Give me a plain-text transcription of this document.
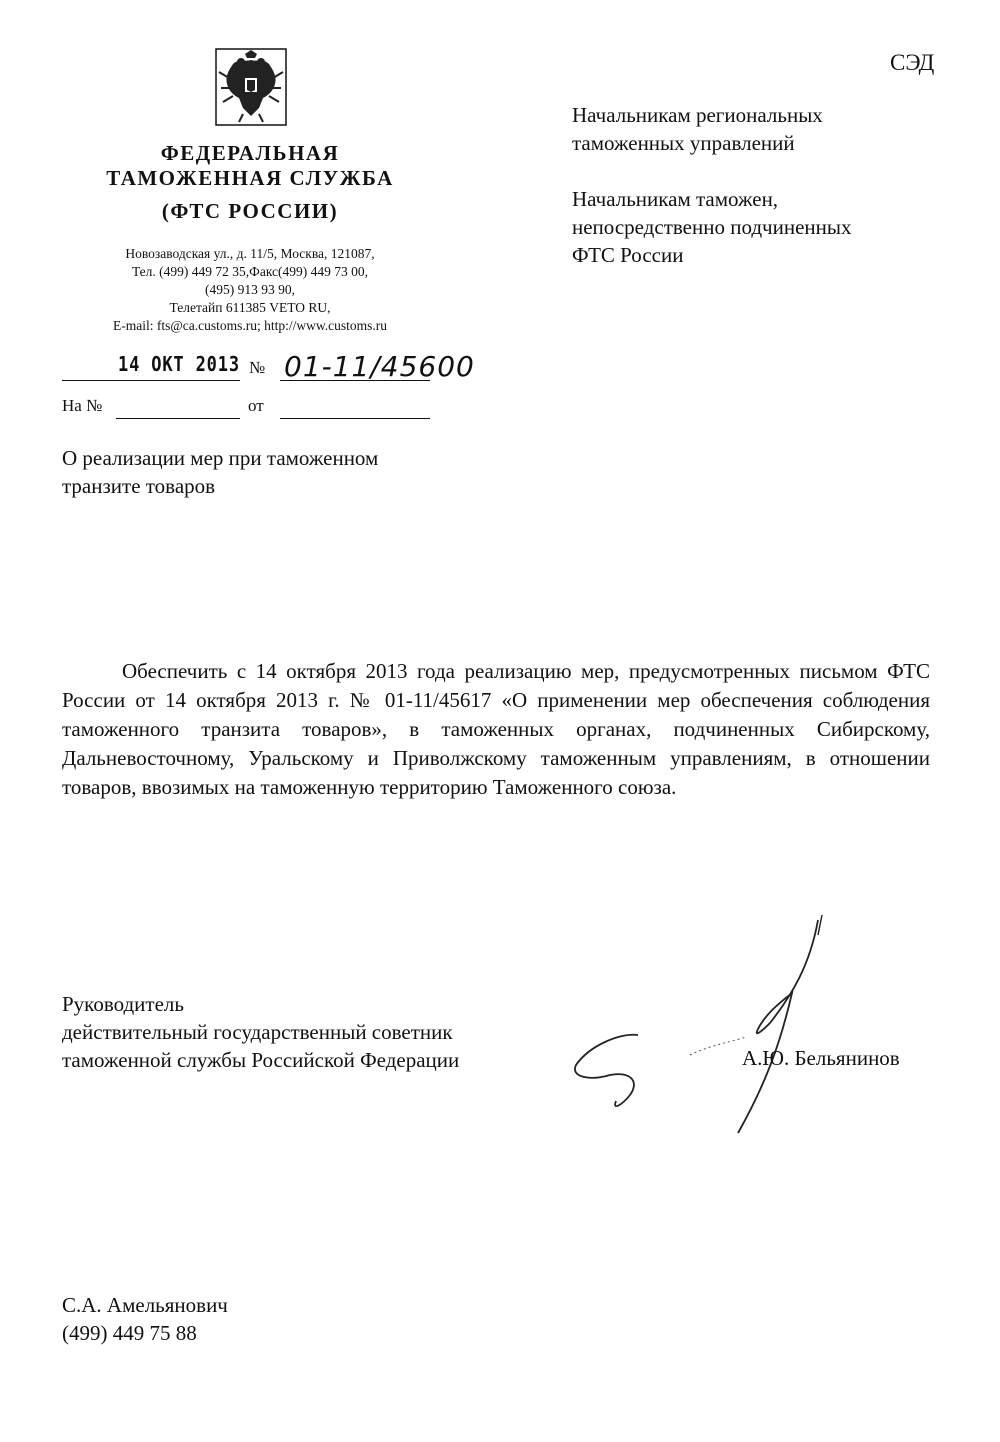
СЭД
ФЕДЕРАЛЬНАЯ
ТАМОЖЕННАЯ СЛУЖБА
(ФТС РОССИИ)
Новозаводская ул., д. 11/5, Москва, 121087,
Тел. (499) 449 72 35,Факс(499) 449 73 00,
(495) 913 93 90,
Телетайп 611385 VETO RU,
E-mail: fts@ca.customs.ru; http://www.customs.ru
14 ОКТ 2013 № 01-11/45600
На №	от
О реализации мер при таможенном
транзите товаров
Начальникам региональных
таможенных управлений
Начальникам таможен,
непосредственно подчиненных
ФТС России
Обеспечить с 14 октября 2013 года реализацию мер, предусмотренных письмом ФТС России от 14 октября 2013 г. № 01-11/45617 «О применении мер обеспечения соблюдения таможенного транзита товаров», в таможенных органах, подчиненных Сибирскому, Дальневосточному, Уральскому и Приволжскому таможенным управлениям, в отношении товаров, ввозимых на таможенную территорию Таможенного союза.
Руководитель
действительный государственный советник
таможенной службы Российской Федерации	А.Ю. Бельянинов
С.А. Амельянович
(499) 449 75 88
